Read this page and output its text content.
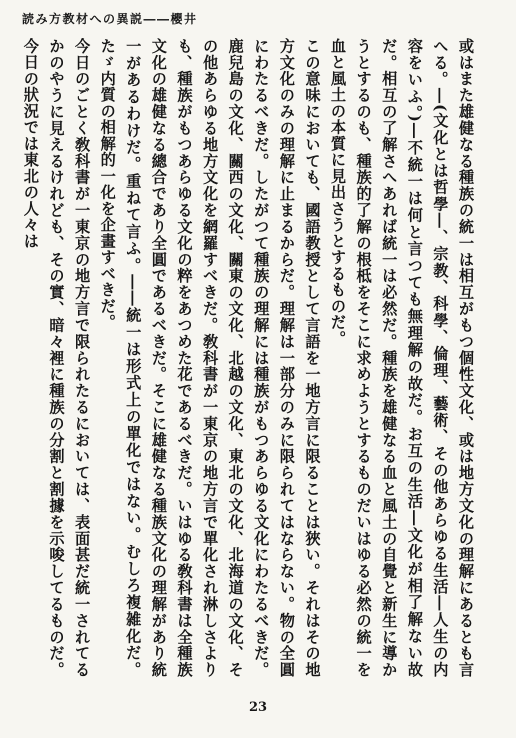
読み方教材への異説――櫻井

或はまた雄健なる種族の統一は相互がもつ個性文化、或は地方文化の理解にあるとも言へる。―(文化とは哲學―、宗教、科學、倫理、藝術、その他あらゆる生活―人生の内容をいふ。)―不統一は何と言つても無理解の故だ。お互の生活―文化が相了解ない故だ。相互の了解さへあれば統一は必然だ。種族を雄健なる血と風土の自覺と新生に導かうとするのも、種族的了解の根柢をそこに求めようとするものだいはゆる必然の統一を血と風土の本質に見出さうとするものだ。

この意味においても、國語教授として言語を一地方言に限ることは狹い。それはその地方文化のみの理解に止まるからだ。理解は一部分のみに限られてはならない。物の全圓にわたるべきだ。したがつて種族の理解には種族がもつあらゆる文化にわたるべきだ。鹿兒島の文化、關西の文化、關東の文化、北越の文化、東北の文化、北海道の文化、その他あらゆる地方文化を網羅すべきだ。敎科書が一東京の地方言で單化され淋しさよりも、種族がもつあらゆる文化の粹をあつめた花であるべきだ。いはゆる敎科書は全種族文化の雄健なる總合であり全圓であるべきだ。そこに雄健なる種族文化の理解があり統一があるわけだ。重ねて言ふ。――統一は形式上の單化ではない。むしろ複雑化だ。たゞ内質の相解的一化を企畫すべきだ。

今日のごとく敎科書が一東京の地方言で限られたるにおいては、表面甚だ統一されてるかのやうに見えるけれども、その實、暗々裡に種族の分割と割據を示唆してるものだ。今日の狀況では東北の人々は

23
